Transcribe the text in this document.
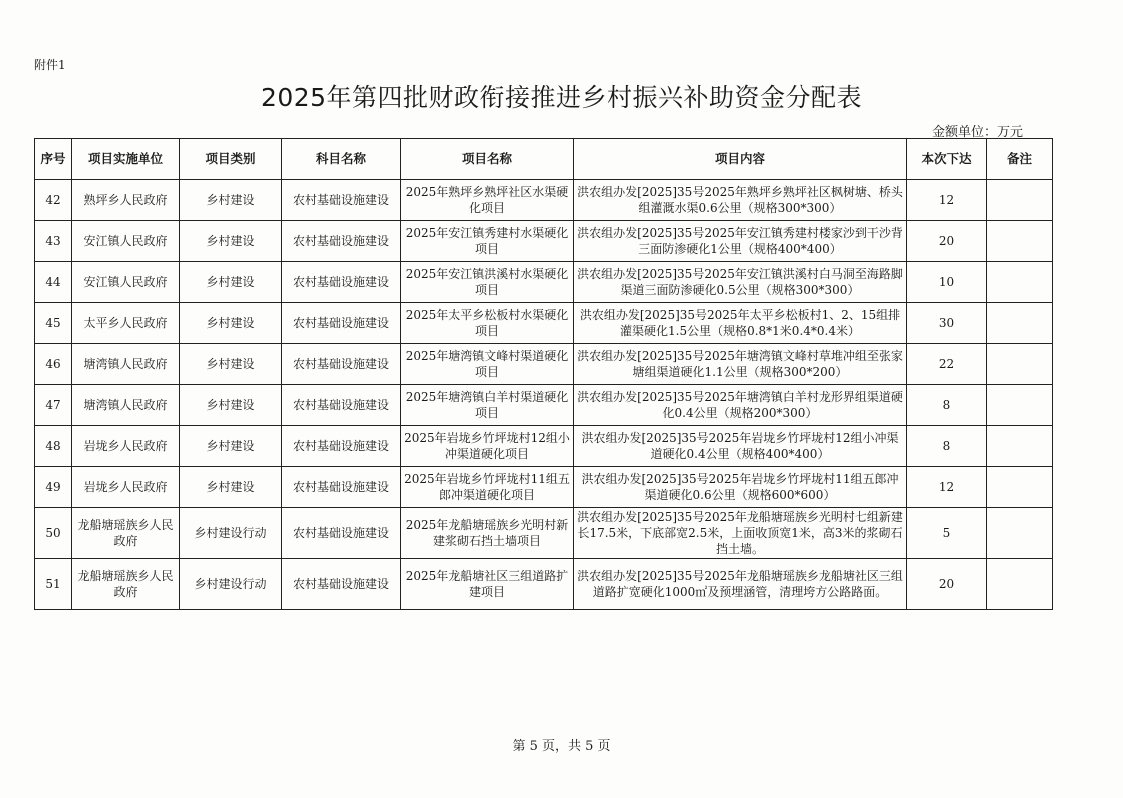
附件1
2025年第四批财政衔接推进乡村振兴补助资金分配表
金额单位：万元
序号	项目实施单位	项目类别	科目名称	项目名称	项目内容	本次下达	备注
42	熟坪乡人民政府	乡村建设	农村基础设施建设	2025年熟坪乡熟坪社区水渠硬化项目	洪农组办发[2025]35号2025年熟坪乡熟坪社区枫树塘、桥头组灌溉水渠0.6公里（规格300*300）	12	
43	安江镇人民政府	乡村建设	农村基础设施建设	2025年安江镇秀建村水渠硬化项目	洪农组办发[2025]35号2025年安江镇秀建村楼家沙到干沙背三面防渗硬化1公里（规格400*400）	20	
44	安江镇人民政府	乡村建设	农村基础设施建设	2025年安江镇洪溪村水渠硬化项目	洪农组办发[2025]35号2025年安江镇洪溪村白马洞至海路脚渠道三面防渗硬化0.5公里（规格300*300）	10	
45	太平乡人民政府	乡村建设	农村基础设施建设	2025年太平乡松板村水渠硬化项目	洪农组办发[2025]35号2025年太平乡松板村1、2、15组排灌渠硬化1.5公里（规格0.8*1米0.4*0.4米）	30	
46	塘湾镇人民政府	乡村建设	农村基础设施建设	2025年塘湾镇文峰村渠道硬化项目	洪农组办发[2025]35号2025年塘湾镇文峰村草堆冲组至张家塘组渠道硬化1.1公里（规格300*200）	22	
47	塘湾镇人民政府	乡村建设	农村基础设施建设	2025年塘湾镇白羊村渠道硬化项目	洪农组办发[2025]35号2025年塘湾镇白羊村龙形界组渠道硬化0.4公里（规格200*300）	8	
48	岩垅乡人民政府	乡村建设	农村基础设施建设	2025年岩垅乡竹坪垅村12组小冲渠道硬化项目	洪农组办发[2025]35号2025年岩垅乡竹坪垅村12组小冲渠道硬化0.4公里（规格400*400）	8	
49	岩垅乡人民政府	乡村建设	农村基础设施建设	2025年岩垅乡竹坪垅村11组五郎冲渠道硬化项目	洪农组办发[2025]35号2025年岩垅乡竹坪垅村11组五郎冲渠道硬化0.6公里（规格600*600）	12	
50	龙船塘瑶族乡人民政府	乡村建设行动	农村基础设施建设	2025年龙船塘瑶族乡光明村新建浆砌石挡土墙项目	洪农组办发[2025]35号2025年龙船塘瑶族乡光明村七组新建长17.5米，下底部宽2.5米，上面收顶宽1米，高3米的浆砌石挡土墙。	5	
51	龙船塘瑶族乡人民政府	乡村建设行动	农村基础设施建设	2025年龙船塘社区三组道路扩建项目	洪农组办发[2025]35号2025年龙船塘瑶族乡龙船塘社区三组道路扩宽硬化1000㎡及预埋涵管，清理垮方公路路面。	20	
第 5 页，共 5 页
